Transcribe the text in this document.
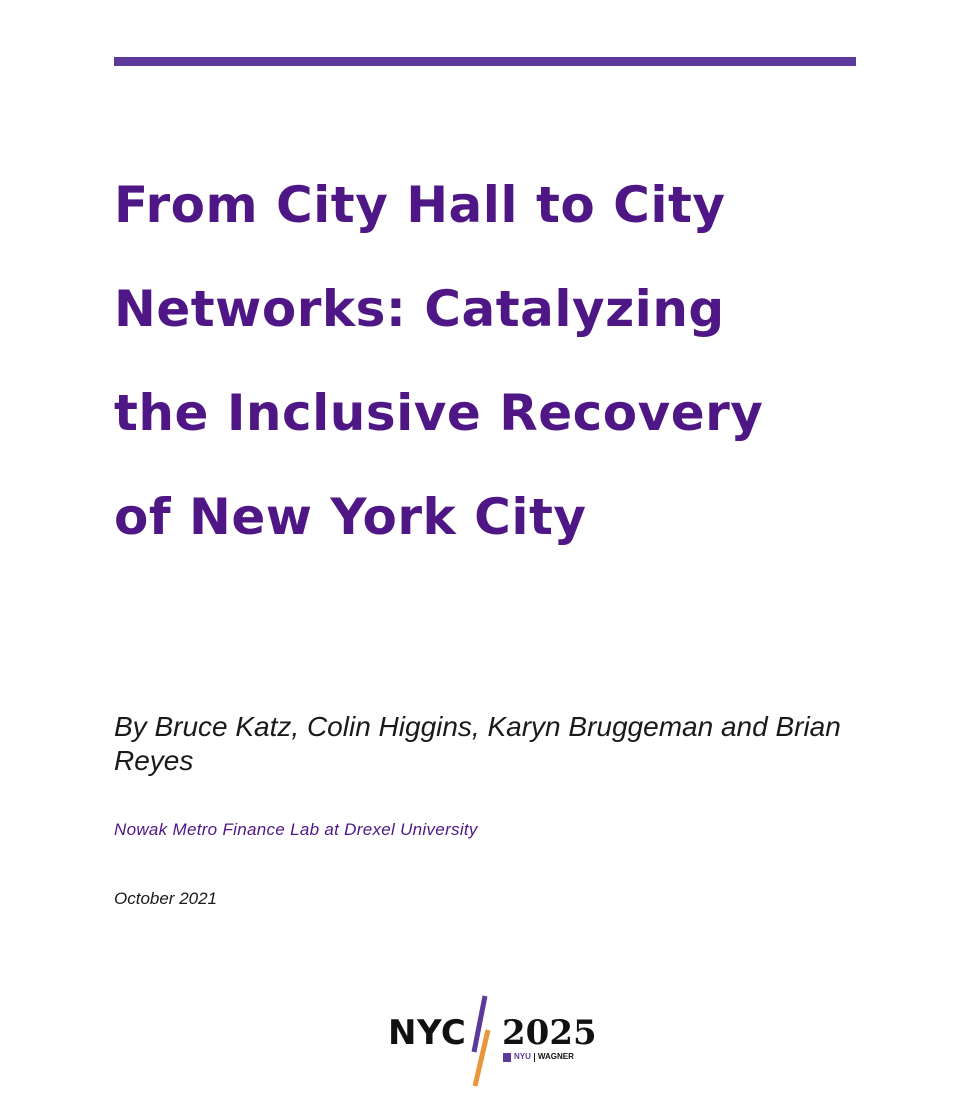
From City Hall to City
Networks: Catalyzing
the Inclusive Recovery
of New York City

By Bruce Katz, Colin Higgins, Karyn Bruggeman and Brian Reyes

Nowak Metro Finance Lab at Drexel University

October 2021

NYC 2025
NYU WAGNER
